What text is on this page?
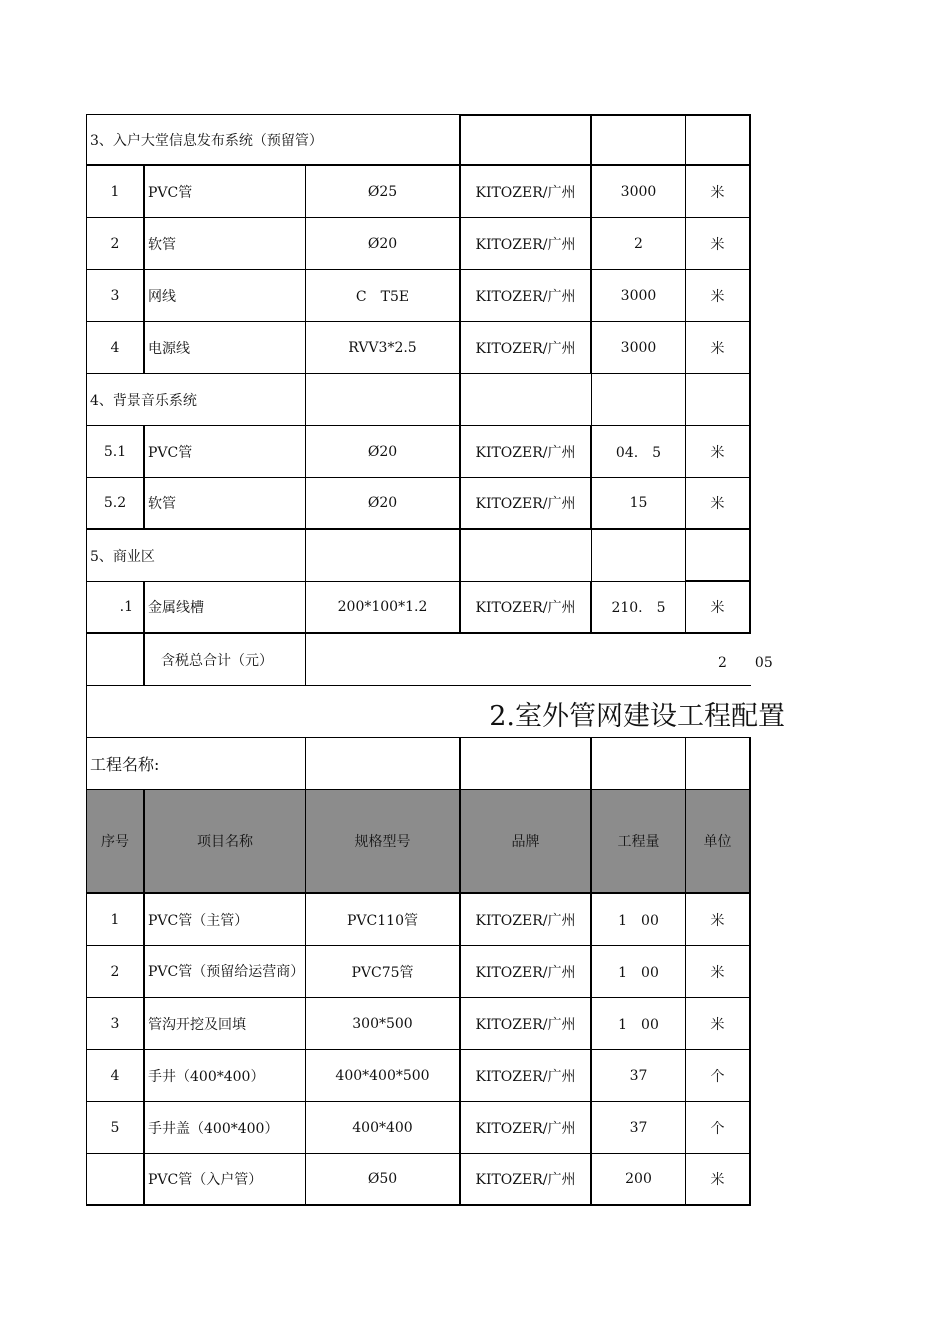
3、入户大堂信息发布系统（预留管）
1	PVC管	Ø25	KITOZER/广州	3000	米
2	软管	Ø20	KITOZER/广州	2	米
3	网线	C　T5E	KITOZER/广州	3000	米
4	电源线	RVV3*2.5	KITOZER/广州	3000	米
4、背景音乐系统
5.1	PVC管	Ø20	KITOZER/广州	04.　5	米
5.2	软管	Ø20	KITOZER/广州	15	米
5、商业区
.1	金属线槽	200*100*1.2	KITOZER/广州	210.　5	米
含税总合计（元）	2　　05
2.室外管网建设工程配置
工程名称:
序号	项目名称	规格型号	品牌	工程量	单位
1	PVC管（主管）	PVC110管	KITOZER/广州	1　00	米
2	PVC管（预留给运营商）	PVC75管	KITOZER/广州	1　00	米
3	管沟开挖及回填	300*500	KITOZER/广州	1　00	米
4	手井（400*400）	400*400*500	KITOZER/广州	37	个
5	手井盖（400*400）	400*400	KITOZER/广州	37	个
PVC管（入户管）	Ø50	KITOZER/广州	200	米
